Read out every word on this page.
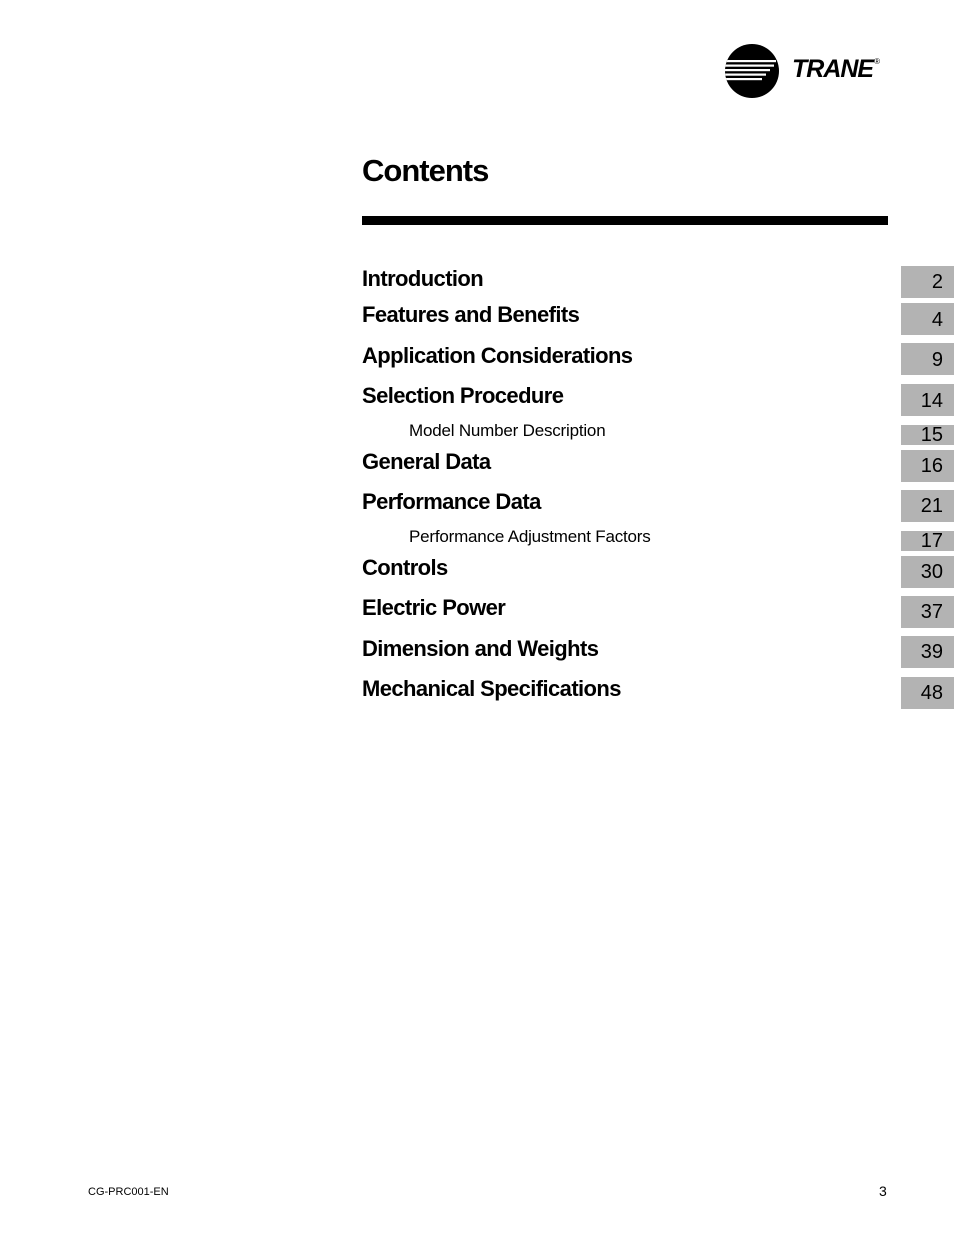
TRANE ®
Contents
Introduction	2
Features and Benefits	4
Application Considerations	9
Selection Procedure	14
Model Number Description	15
General Data	16
Performance Data	21
Performance Adjustment Factors	17
Controls	30
Electric Power	37
Dimension and Weights	39
Mechanical Specifications	48
CG-PRC001-EN	3
